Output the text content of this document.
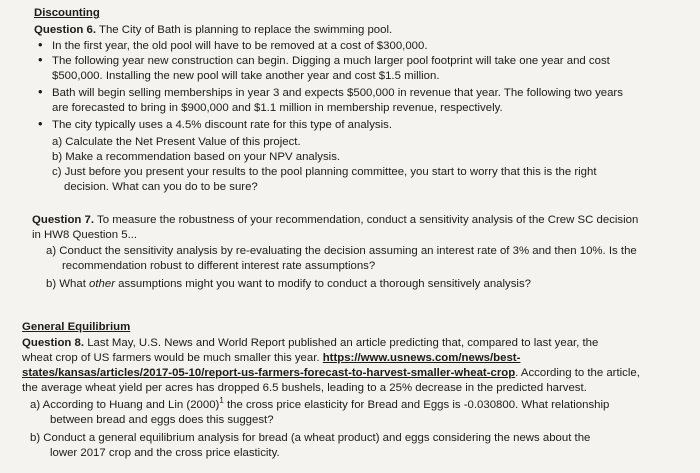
Discounting
Question 6. The City of Bath is planning to replace the swimming pool.
• In the first year, the old pool will have to be removed at a cost of $300,000.
• The following year new construction can begin. Digging a much larger pool footprint will take one year and cost
$500,000. Installing the new pool will take another year and cost $1.5 million.
• Bath will begin selling memberships in year 3 and expects $500,000 in revenue that year. The following two years
are forecasted to bring in $900,000 and $1.1 million in membership revenue, respectively.
• The city typically uses a 4.5% discount rate for this type of analysis.
a) Calculate the Net Present Value of this project.
b) Make a recommendation based on your NPV analysis.
c) Just before you present your results to the pool planning committee, you start to worry that this is the right
decision. What can you do to be sure?
Question 7. To measure the robustness of your recommendation, conduct a sensitivity analysis of the Crew SC decision
in HW8 Question 5...
a) Conduct the sensitivity analysis by re-evaluating the decision assuming an interest rate of 3% and then 10%. Is the
recommendation robust to different interest rate assumptions?
b) What other assumptions might you want to modify to conduct a thorough sensitively analysis?
General Equilibrium
Question 8. Last May, U.S. News and World Report published an article predicting that, compared to last year, the
wheat crop of US farmers would be much smaller this year. https://www.usnews.com/news/best-
states/kansas/articles/2017-05-10/report-us-farmers-forecast-to-harvest-smaller-wheat-crop. According to the article,
the average wheat yield per acres has dropped 6.5 bushels, leading to a 25% decrease in the predicted harvest.
a) According to Huang and Lin $(2000)^1$ the cross price elasticity for Bread and Eggs is -0.030800. What relationship
between bread and eggs does this suggest?
b) Conduct a general equilibrium analysis for bread (a wheat product) and eggs considering the news about the
lower 2017 crop and the cross price elasticity.
